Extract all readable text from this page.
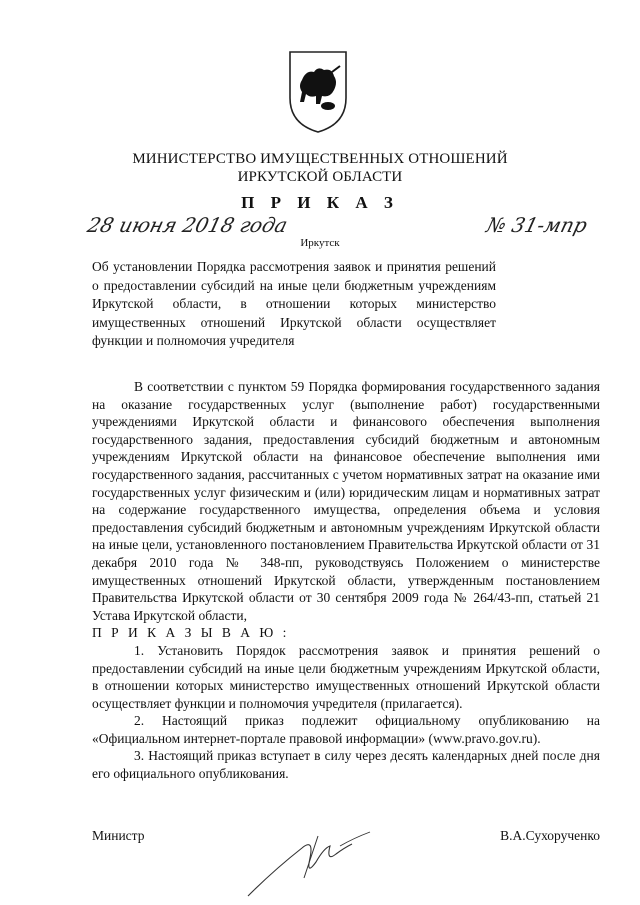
МИНИСТЕРСТВО ИМУЩЕСТВЕННЫХ ОТНОШЕНИЙ
ИРКУТСКОЙ ОБЛАСТИ
П Р И К А З
28 июня 2018 года	№ 31-мпр
Иркутск
Об установлении Порядка рассмотрения заявок и принятия решений о предоставлении субсидий на иные цели бюджетным учреждениям Иркутской области, в отношении которых министерство имущественных отношений Иркутской области осуществляет функции и полномочия учредителя

В соответствии с пунктом 59 Порядка формирования государственного задания на оказание государственных услуг (выполнение работ) государственными учреждениями Иркутской области и финансового обеспечения выполнения государственного задания, предоставления субсидий бюджетным и автономным учреждениям Иркутской области на финансовое обеспечение выполнения ими государственного задания, рассчитанных с учетом нормативных затрат на оказание ими государственных услуг физическим и (или) юридическим лицам и нормативных затрат на содержание государственного имущества, определения объема и условия предоставления субсидий бюджетным и автономным учреждениям Иркутской области на иные цели, установленного постановлением Правительства Иркутской области от 31 декабря 2010 года № 348-пп, руководствуясь Положением о министерстве имущественных отношений Иркутской области, утвержденным постановлением Правительства Иркутской области от 30 сентября 2009 года № 264/43-пп, статьей 21 Устава Иркутской области,

П Р И К А З Ы В А Ю :

1. Установить Порядок рассмотрения заявок и принятия решений о предоставлении субсидий на иные цели бюджетным учреждениям Иркутской области, в отношении которых министерство имущественных отношений Иркутской области осуществляет функции и полномочия учредителя (прилагается).

2. Настоящий приказ подлежит официальному опубликованию на «Официальном интернет-портале правовой информации» (www.pravo.gov.ru).

3. Настоящий приказ вступает в силу через десять календарных дней после дня его официального опубликования.

Министр	В.А.Сухорученко
